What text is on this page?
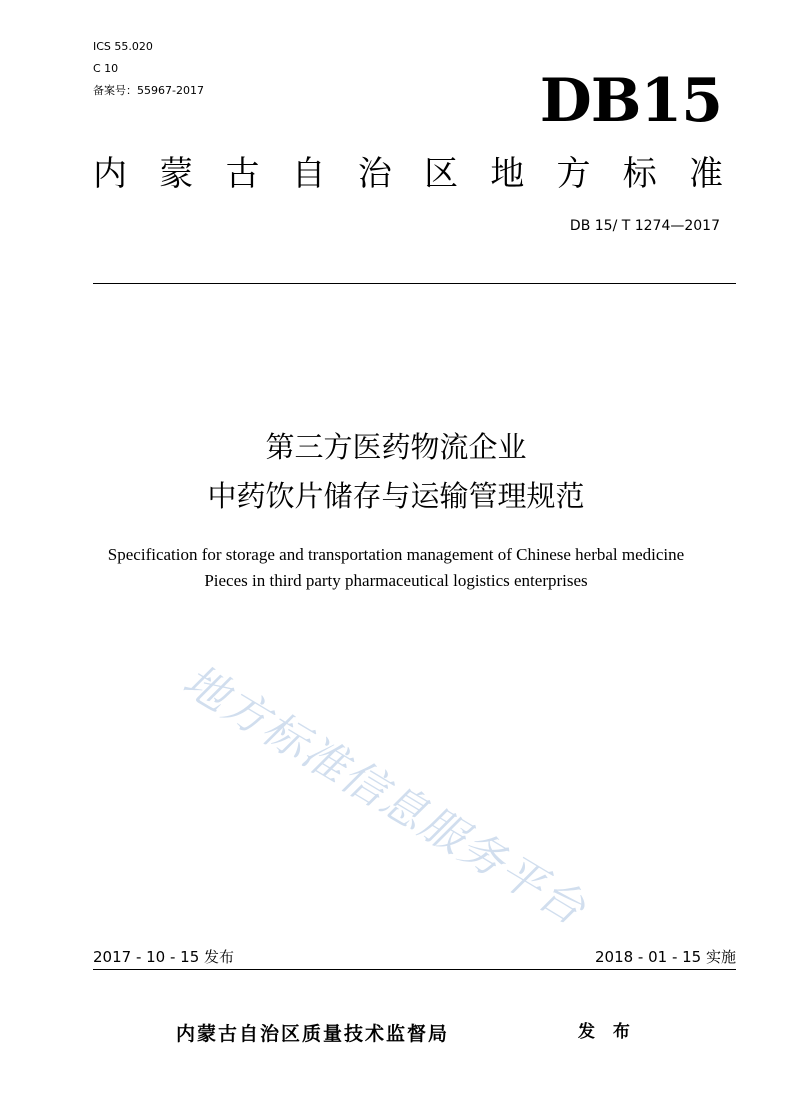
ICS 55.020
C 10
备案号：55967-2017	DB15
内 蒙 古 自 治 区 地 方 标 准
DB 15/ T 1274—2017
第三方医药物流企业
中药饮片储存与运输管理规范
Specification for storage and transportation management of Chinese herbal medicine
Pieces in third party pharmaceutical logistics enterprises
地方标准信息服务平台
2017 - 10 - 15 发布	2018 - 01 - 15 实施
内蒙古自治区质量技术监督局	发 布
